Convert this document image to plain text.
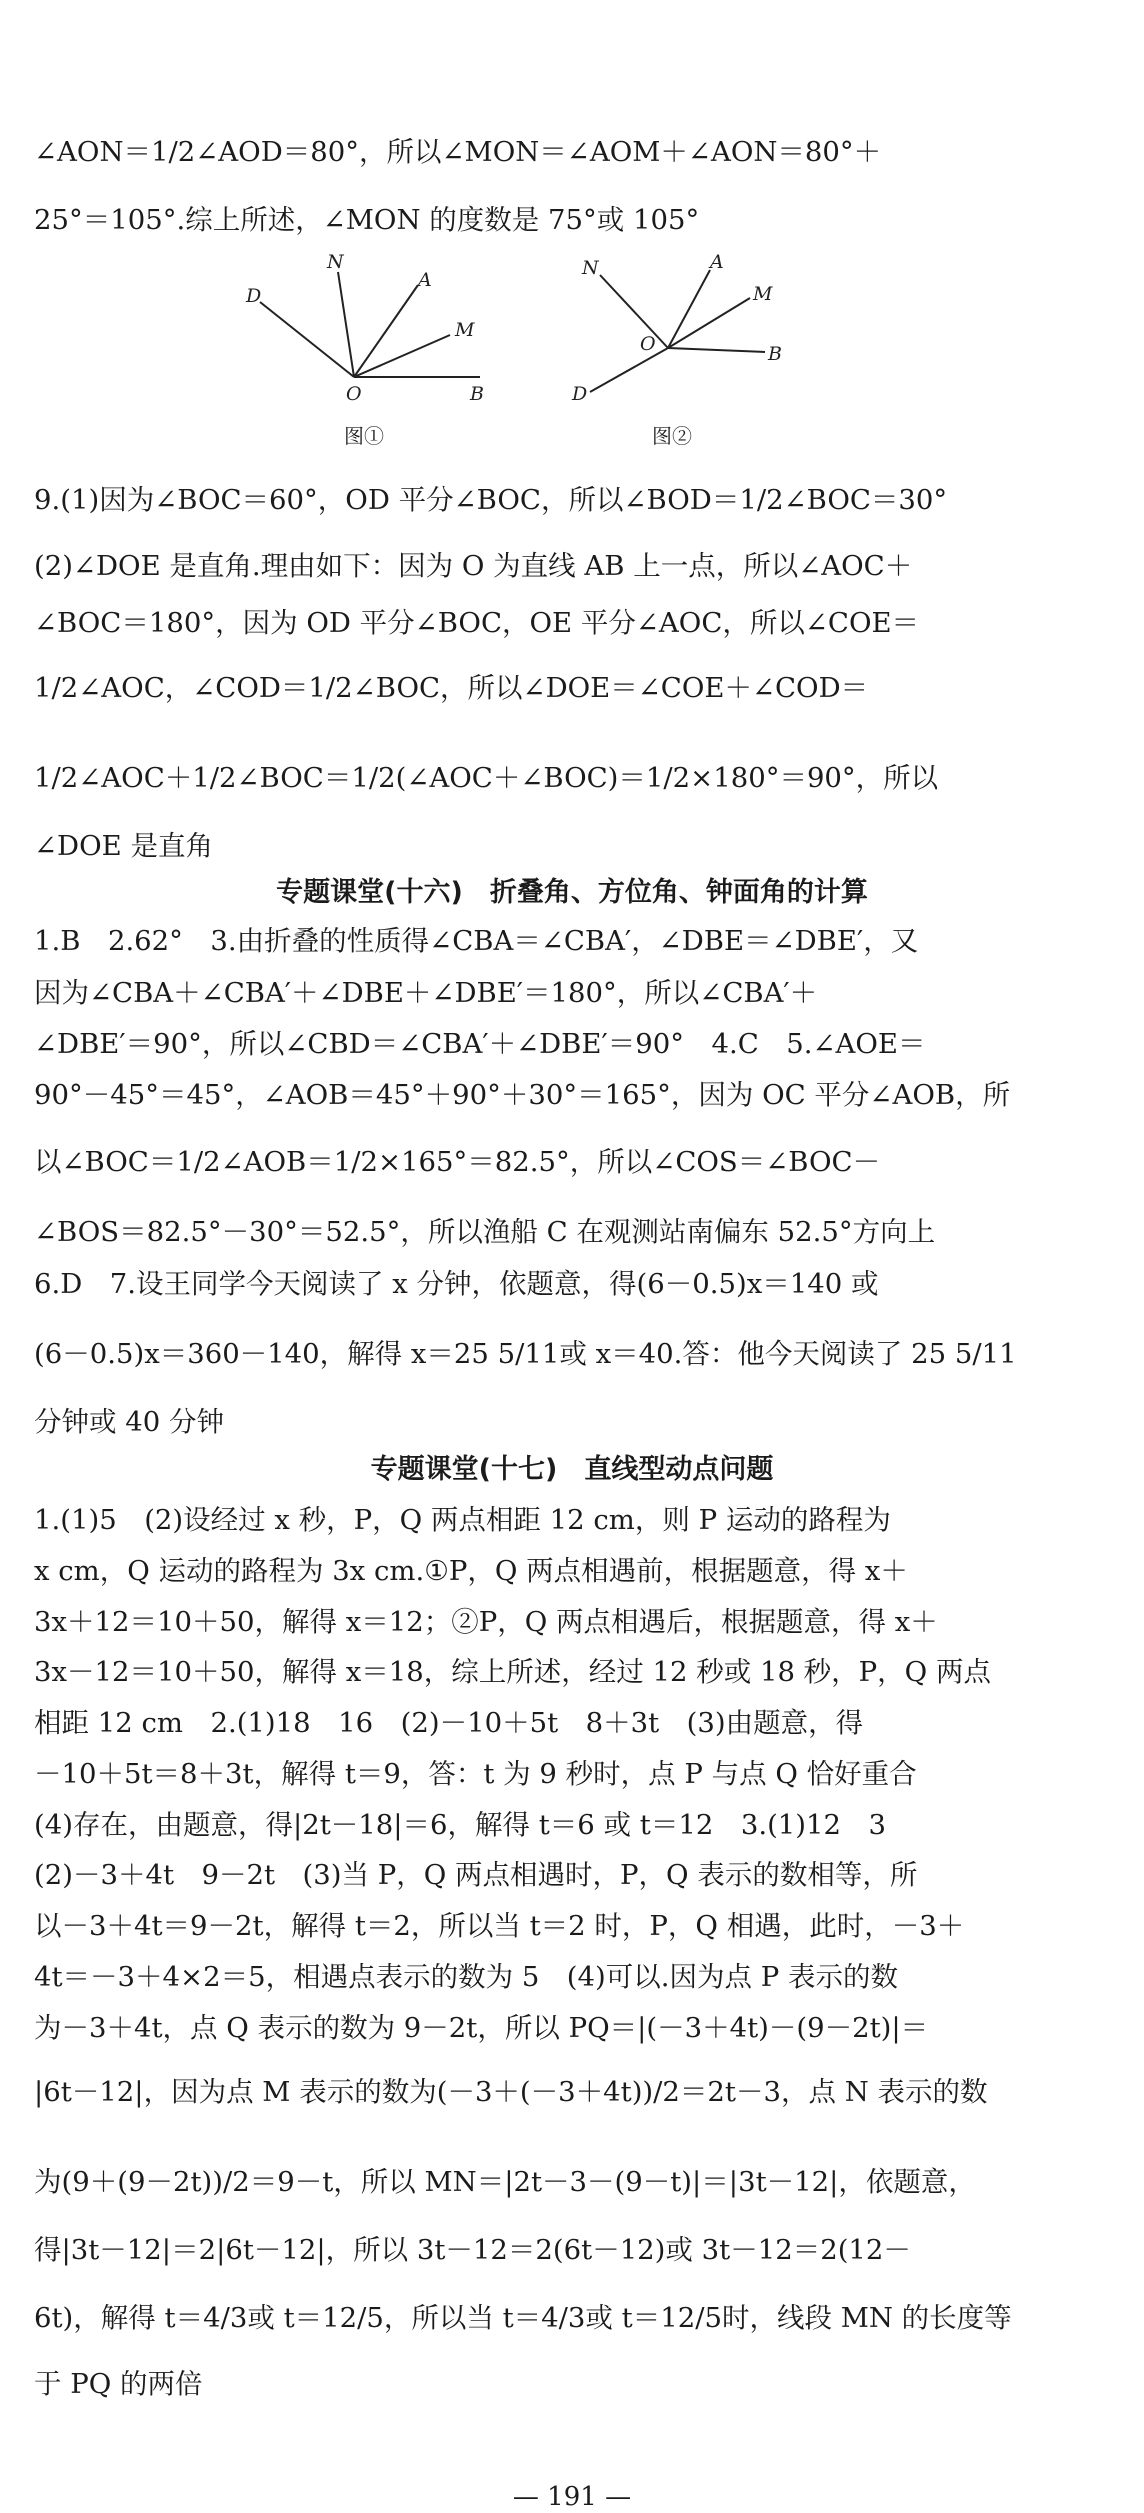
∠AON＝1/2∠AOD＝80°，所以∠MON＝∠AOM＋∠AON＝80°＋
25°＝105°.综上所述，∠MON 的度数是 75°或 105°
N
A
D
M
O	B
图①
N	A
M
O	B
D
图②
9.(1)因为∠BOC＝60°，OD 平分∠BOC，所以∠BOD＝1/2∠BOC＝30°
(2)∠DOE 是直角.理由如下：因为 O 为直线 AB 上一点，所以∠AOC＋
∠BOC＝180°，因为 OD 平分∠BOC，OE 平分∠AOC，所以∠COE＝
1/2∠AOC，∠COD＝1/2∠BOC，所以∠DOE＝∠COE＋∠COD＝
1/2∠AOC＋1/2∠BOC＝1/2(∠AOC＋∠BOC)＝1/2×180°＝90°，所以
∠DOE 是直角
专题课堂(十六)　折叠角、方位角、钟面角的计算
1.B　2.62°　3.由折叠的性质得∠CBA＝∠CBA′，∠DBE＝∠DBE′，又
因为∠CBA＋∠CBA′＋∠DBE＋∠DBE′＝180°，所以∠CBA′＋
∠DBE′＝90°，所以∠CBD＝∠CBA′＋∠DBE′＝90°　4.C　5.∠AOE＝
90°－45°＝45°，∠AOB＝45°＋90°＋30°＝165°，因为 OC 平分∠AOB，所
以∠BOC＝1/2∠AOB＝1/2×165°＝82.5°，所以∠COS＝∠BOC－
∠BOS＝82.5°－30°＝52.5°，所以渔船 C 在观测站南偏东 52.5°方向上
6.D　7.设王同学今天阅读了 x 分钟，依题意，得(6－0.5)x＝140 或
(6－0.5)x＝360－140，解得 x＝25 5/11或 x＝40.答：他今天阅读了 25 5/11
分钟或 40 分钟
专题课堂(十七)　直线型动点问题
1.(1)5　(2)设经过 x 秒，P，Q 两点相距 12 cm，则 P 运动的路程为
x cm，Q 运动的路程为 3x cm.①P，Q 两点相遇前，根据题意，得 x＋
3x＋12＝10＋50，解得 x＝12；②P，Q 两点相遇后，根据题意，得 x＋
3x－12＝10＋50，解得 x＝18，综上所述，经过 12 秒或 18 秒，P，Q 两点
相距 12 cm　2.(1)18　16　(2)－10＋5t　8＋3t　(3)由题意，得
－10＋5t＝8＋3t，解得 t＝9，答：t 为 9 秒时，点 P 与点 Q 恰好重合
(4)存在，由题意，得|2t－18|＝6，解得 t＝6 或 t＝12　3.(1)12　3
(2)－3＋4t　9－2t　(3)当 P，Q 两点相遇时，P，Q 表示的数相等，所
以－3＋4t＝9－2t，解得 t＝2，所以当 t＝2 时，P，Q 相遇，此时，－3＋
4t＝－3＋4×2＝5，相遇点表示的数为 5　(4)可以.因为点 P 表示的数
为－3＋4t，点 Q 表示的数为 9－2t，所以 PQ＝|(－3＋4t)－(9－2t)|＝
|6t－12|，因为点 M 表示的数为(－3＋(－3＋4t))/2＝2t－3，点 N 表示的数
为(9＋(9－2t))/2＝9－t，所以 MN＝|2t－3－(9－t)|＝|3t－12|，依题意，
得|3t－12|＝2|6t－12|，所以 3t－12＝2(6t－12)或 3t－12＝2(12－
6t)，解得 t＝4/3或 t＝12/5，所以当 t＝4/3或 t＝12/5时，线段 MN 的长度等
于 PQ 的两倍
— 191 —
